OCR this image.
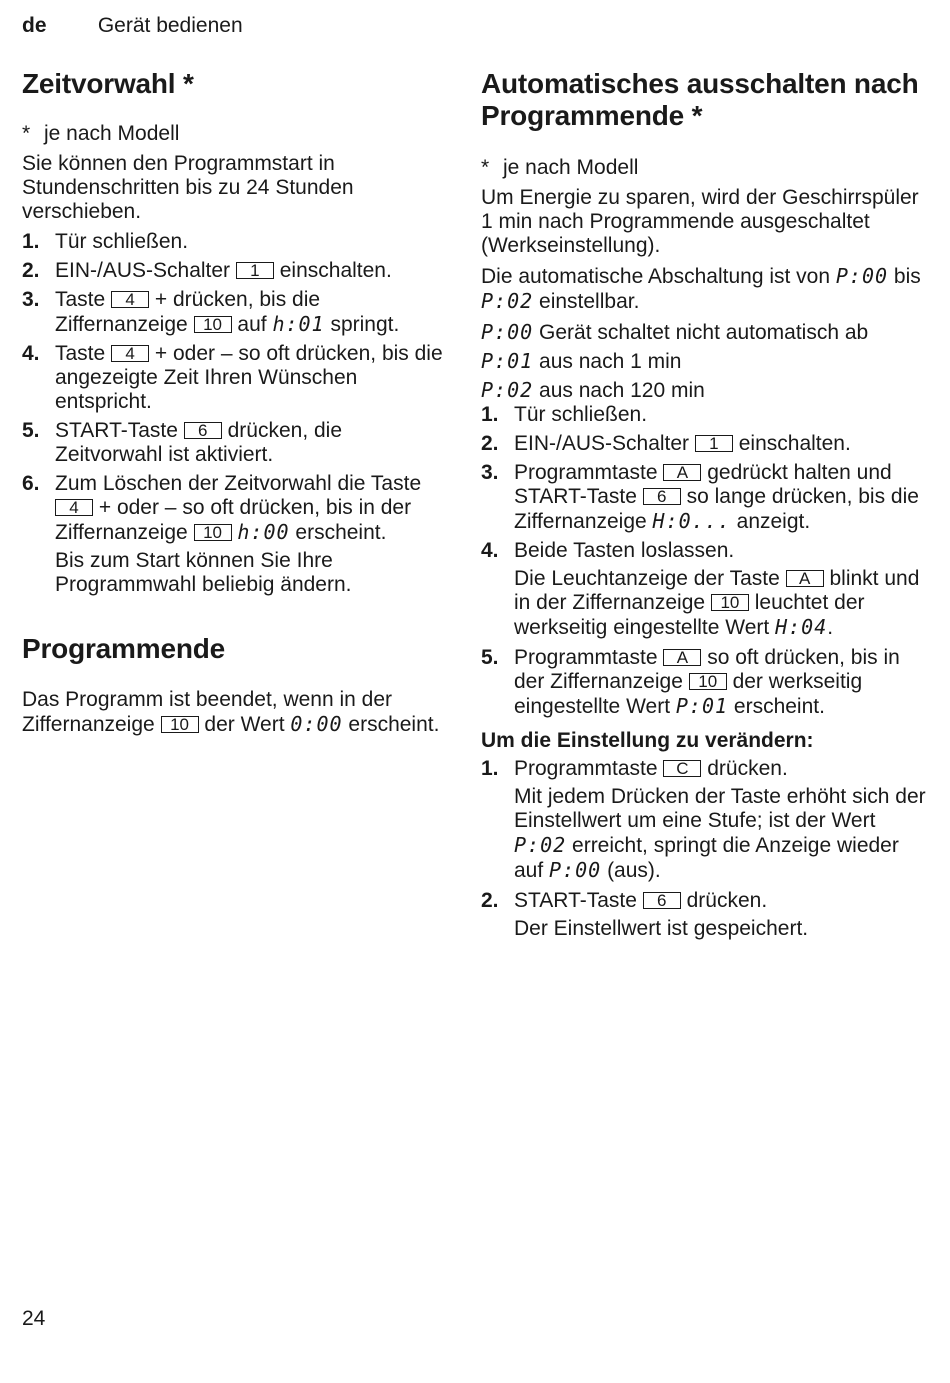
de Gerät bedienen
Zeitvorwahl *
* je nach Modell
Sie können den Programmstart in Stundenschritten bis zu 24 Stunden verschieben.
1. Tür schließen.
2. EIN-/AUS-Schalter 1 einschalten.
3. Taste 4 + drücken, bis die Ziffernanzeige 10 auf h:01 springt.
4. Taste 4 + oder – so oft drücken, bis die angezeigte Zeit Ihren Wünschen entspricht.
5. START-Taste 6 drücken, die Zeitvorwahl ist aktiviert.
6. Zum Löschen der Zeitvorwahl die Taste 4 + oder – so oft drücken, bis in der Ziffernanzeige 10 h:00 erscheint.
Bis zum Start können Sie Ihre Programmwahl beliebig ändern.
Programmende
Das Programm ist beendet, wenn in der Ziffernanzeige 10 der Wert 0:00 erscheint.
Automatisches ausschalten nach Programmende *
* je nach Modell
Um Energie zu sparen, wird der Geschirrspüler 1 min nach Programmende ausgeschaltet (Werkseinstellung).
Die automatische Abschaltung ist von P:00 bis P:02 einstellbar.
P:00 Gerät schaltet nicht automatisch ab
P:01 aus nach 1 min
P:02 aus nach 120 min
1. Tür schließen.
2. EIN-/AUS-Schalter 1 einschalten.
3. Programmtaste A gedrückt halten und START-Taste 6 so lange drücken, bis die Ziffernanzeige H:0... anzeigt.
4. Beide Tasten loslassen.
Die Leuchtanzeige der Taste A blinkt und in der Ziffernanzeige 10 leuchtet der werkseitig eingestellte Wert H:04.
5. Programmtaste A so oft drücken, bis in der Ziffernanzeige 10 der werkseitig eingestellte Wert P:01 erscheint.
Um die Einstellung zu verändern:
1. Programmtaste C drücken.
Mit jedem Drücken der Taste erhöht sich der Einstellwert um eine Stufe; ist der Wert P:02 erreicht, springt die Anzeige wieder auf P:00 (aus).
2. START-Taste 6 drücken.
Der Einstellwert ist gespeichert.
24
